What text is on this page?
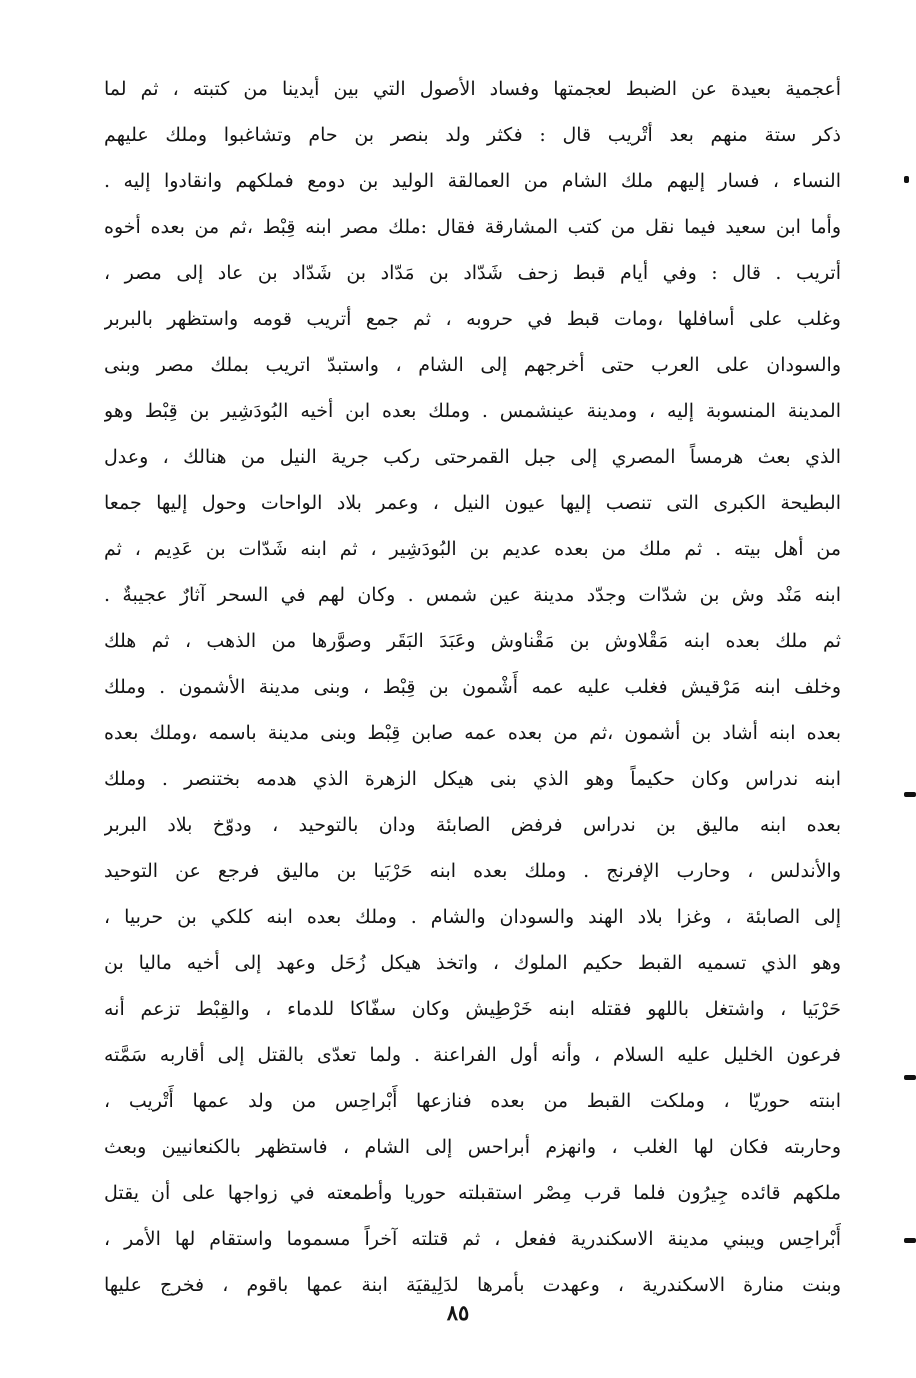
أعجمية بعيدة عن الضبط لعجمتها وفساد الأصول التي بين أيدينا من كتبته ، ثم لما
ذكر ستة منهم بعد أتْريب قال : فكثر ولد بنصر بن حام وتشاغبوا وملك عليهم
النساء ، فسار إليهم ملك الشام من العمالقة الوليد بن دومع فملكهم وانقادوا إليه .
وأما ابن سعيد فيما نقل من كتب المشارقة فقال :ملك مصر ابنه قِبْط ،ثم من بعده أخوه
أتريب . قال : وفي أيام قبط زحف شَدّاد بن مَدّاد بن شَدّاد بن عاد إلى مصر ،
وغلب على أسافلها ،ومات قبط في حروبه ، ثم جمع أتريب قومه واستظهر بالبربر
والسودان على العرب حتى أخرجهم إلى الشام ، واستبدّ اتريب بملك مصر وبنى
المدينة المنسوبة إليه ، ومدينة عينشمس . وملك بعده ابن أخيه البُودَشِير بن قِبْط وهو
الذي بعث هرمساً المصري إلى جبل القمرحتى ركب جرية النيل من هنالك ، وعدل
البطيحة الكبرى التى تنصب إليها عيون النيل ، وعمر بلاد الواحات وحول إليها جمعا
من أهل بيته . ثم ملك من بعده عديم بن البُودَشِير ، ثم ابنه شَدّات بن عَدِيم ، ثم
ابنه مَنْد وش بن شدّات وجدّد مدينة عين شمس . وكان لهم في السحر آثارٌ عجيبةٌ .
ثم ملك بعده ابنه مَقْلاوش بن مَقْناوش وعَبَدَ البَقَر وصوَّرها من الذهب ، ثم هلك
وخلف ابنه مَرْقيش فغلب عليه عمه أَشْمون بن قِبْط ، وبنى مدينة الأشمون . وملك
بعده ابنه أشاد بن أشمون ،ثم من بعده عمه صابن قِبْط وبنى مدينة باسمه ،وملك بعده
ابنه ندراس وكان حكيماً وهو الذي بنى هيكل الزهرة الذي هدمه بختنصر . وملك
بعده ابنه ماليق بن ندراس فرفض الصابئة ودان بالتوحيد ، ودوّخ بلاد البربر
والأندلس ، وحارب الإفرنج . وملك بعده ابنه حَرْبَيا بن ماليق فرجع عن التوحيد
إلى الصابئة ، وغزا بلاد الهند والسودان والشام . وملك بعده ابنه كلكي بن حربيا ،
وهو الذي تسميه القبط حكيم الملوك ، واتخذ هيكل زُحَل وعهد إلى أخيه ماليا بن
حَرْبَيا ، واشتغل باللهو فقتله ابنه خَرْطِيش وكان سفّاكا للدماء ، والقِبْط تزعم أنه
فرعون الخليل عليه السلام ، وأنه أول الفراعنة . ولما تعدّى بالقتل إلى أقاربه سَمَّته
ابنته حوريّا ، وملكت القبط من بعده فنازعها أَبْراحِس من ولد عمها أَتْريب ،
وحاربته فكان لها الغلب ، وانهزم أبراحس إلى الشام ، فاستظهر بالكنعانيين وبعث
ملكهم قائده جِيرُون فلما قرب مِصْر استقبلته حوريا وأطمعته في زواجها على أن يقتل
أَبْراحِس ويبني مدينة الاسكندرية ففعل ، ثم قتلته آخراً مسموما واستقام لها الأمر ،
وبنت منارة الاسكندرية ، وعهدت بأمرها لدَلِيقيَة ابنة عمها باقوم ، فخرج عليها
٨٥
